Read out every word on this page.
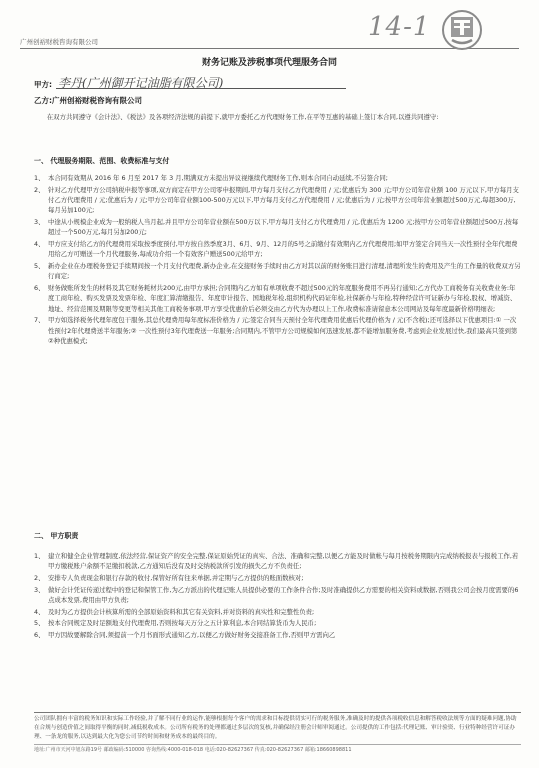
广州创裕财税咨询有限公司	14-1
财务记账及涉税事项代理服务合同
甲方: 李丹(广州御开记油脂有限公司)
乙方:广州创裕财税咨询有限公司
在双方共同遵守《会计法》、《税法》及各项经济法规的前提下,就甲方委托乙方代理财务工作,在平等互惠的基础上签订本合同,以遵共同遵守:
一、 代理服务期限、范围、收费标准与支付
1、 本合同有效期从 2016 年 6 月至 2017 年 3 月,期满双方未提出异议视继续代理财务工作,则本合同自动延续,不另签合同;
2、 针对乙方代理甲方公司纳税申报等事项,双方商定在甲方公司零申报期间,甲方每月支付乙方代理费用 / 元;优惠后为 300 元;甲方公司年营业额 100 万元以下,甲方每月支付乙方代理费用 / 元;优惠后为 / 元;甲方公司年营业额100-500万元以下,甲方每月支付乙方代理费用 / 元;优惠后为 / 元;按甲方公司年营业额超过500万元,每超300万,每月另加100元;
3、 中途从小规模企业成为一般纳税人当月起,并且甲方公司年营业额在500万以下,甲方每月支付乙方代理费用 / 元,优惠后为 1200 元;按甲方公司年营业额超过500万,按每超过一个500万元,每月另加200元;
4、 甲方应支付给乙方的代理费用采取按季度预付,甲方按自然季度3月、6月、9月、12月的5号之前缴付有效期内乙方代理费用;如甲方签定合同当天一次性预付全年代理费用给乙方可赠送一个月代理服务,每成功介绍一个有效客户赠送500元给甲方;
5、 新办企业在办理税务登记手续期间按一个月支付代理费,新办企业,在交接财务手续时由乙方对其以前的财务账目进行清理,清理所发生的费用及产生的工作量的收费双方另行商定;
6、 财务做账所发生的材料及其它财务耗材共200元,由甲方承担;合同期内乙方如有单项收费不超过500元的年度服务费用不再另行通知;乙方代办工商税务有关收费业务:年度工商年检、购买发票及发票年检、年度汇算清缴报告、年度审计报告、国地税年检,组织机构代码证年检,社保新办与年检,特种经营许可证新办与年检,股权、增减资、地址、经营范围及期限等变更等相关其他工商税务事项,甲方享受优惠价后必须交由乙方代为办理以上工作,收费标准请留意本公司网站及每年度最新价格明细表;
7、 甲方如选择税务代理年度包干服务,其总代理费用每年度标准价格为 / 元;签定合同当天预付全年代理费用优惠后代理价格为 / 元(不含税);还可选择以下优惠项目:① 一次性预付2年代理费送半年服务;② 一次性预付3年代理费送一年服务;合同期内,不管甲方公司规模如何迅速发展,都不能增加服务费,考虑到企业发展过快,我们最高只签到第②种优惠模式;
二、 甲方职责
1、 建立和健全企业管理制度,依法经营,保证资产的安全完整,保证原始凭证的真实、合法、准确和完整,以便乙方能及时做帐与每月按税务期限内完成纳税报表与报税工作,若甲方缴税账户余额不足缴扣税款,乙方通知后没有及时交纳税款所引发的损失乙方不负责任;
2、 安排专人负责现金和银行存款的收付,保管好所有往来单据,并定期与乙方提供的账面数核对;
3、 做好会计凭证传递过程中的登记和保管工作,为乙方派出的代理记账人员提供必要的工作条件合作;及时准确提供乙方需要的相关资料或数据,否则我公司会按月度需要的6点成本发票,费用由甲方负责;
4、 及时为乙方提供会计核算所需的全部原始资料和其它有关资料,并对资料的真实性和完整性负责;
5、 按本合同规定及时足额地支付代理费用,否则按每天万分之五计算利息,本合同结算货币为人民币;
6、 甲方因故要解除合同,须提前一个月书面形式通知乙方,以便乙方做好财务交接准备工作,否则甲方需向乙
公司团队拥有丰富的税务知识和实际工作经验,并了解不同行业的运作,能够根据每个客户的需求和目标提供切实可行的税务服务,准确及时的提供各项税收信息和解答税收法规等方面的疑难问题,协助在合规与创造价值之间取得平衡的同时,减低税收成本。公司所有税务的处理都通过多层次的复核,并确保经注册会计师审阅通过。公司提供的工作包括:代理记账、审计验资、行业特种经营许可证办理、一条龙的服务,以达到最大化为您公司节约时间和财务成本的最终目的。
地址:广州市天河中旭东路19号 邮政编码:510000 咨询热线:4000-018-018 电话:020-82627367 传真:020-82627367 邮箱:18660898811
